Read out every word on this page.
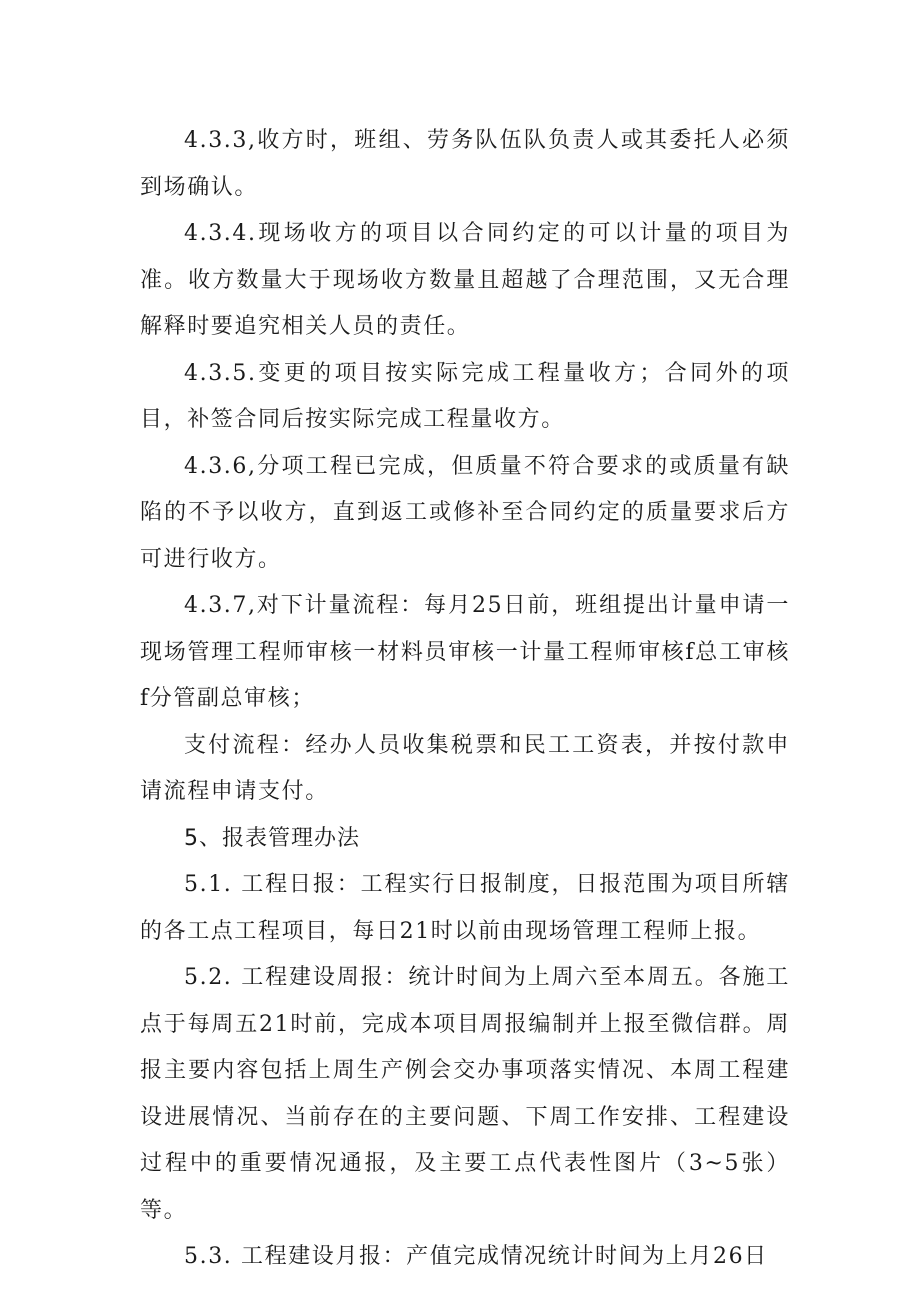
4.3.3,收方时，班组、劳务队伍队负责人或其委托人必须到场确认。

4.3.4.现场收方的项目以合同约定的可以计量的项目为准。收方数量大于现场收方数量且超越了合理范围，又无合理解释时要追究相关人员的责任。

4.3.5.变更的项目按实际完成工程量收方；合同外的项目，补签合同后按实际完成工程量收方。

4.3.6,分项工程已完成，但质量不符合要求的或质量有缺陷的不予以收方，直到返工或修补至合同约定的质量要求后方可进行收方。

4.3.7,对下计量流程：每月25日前，班组提出计量申请一现场管理工程师审核一材料员审核一计量工程师审核f总工审核f分管副总审核；

支付流程：经办人员收集税票和民工工资表，并按付款申请流程申请支付。

5、报表管理办法

5.1. 工程日报：工程实行日报制度，日报范围为项目所辖的各工点工程项目，每日21时以前由现场管理工程师上报。

5.2. 工程建设周报：统计时间为上周六至本周五。各施工点于每周五21时前，完成本项目周报编制并上报至微信群。周报主要内容包括上周生产例会交办事项落实情况、本周工程建设进展情况、当前存在的主要问题、下周工作安排、工程建设过程中的重要情况通报，及主要工点代表性图片（3~5张）等。

5.3. 工程建设月报：产值完成情况统计时间为上月26日
